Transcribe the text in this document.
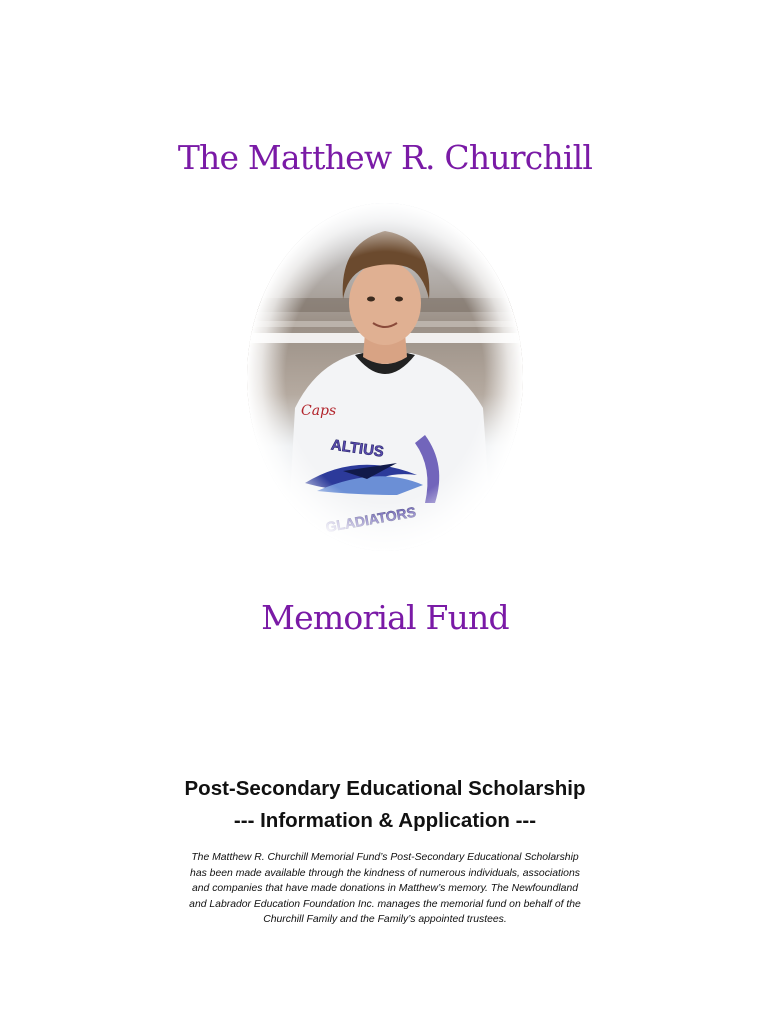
The Matthew R. Churchill
Memorial Fund
Post-Secondary Educational Scholarship
--- Information & Application ---
The Matthew R. Churchill Memorial Fund’s Post-Secondary Educational Scholarship has been made available through the kindness of numerous individuals, associations and companies that have made donations in Matthew’s memory. The Newfoundland and Labrador Education Foundation Inc. manages the memorial fund on behalf of the Churchill Family and the Family’s appointed trustees.
